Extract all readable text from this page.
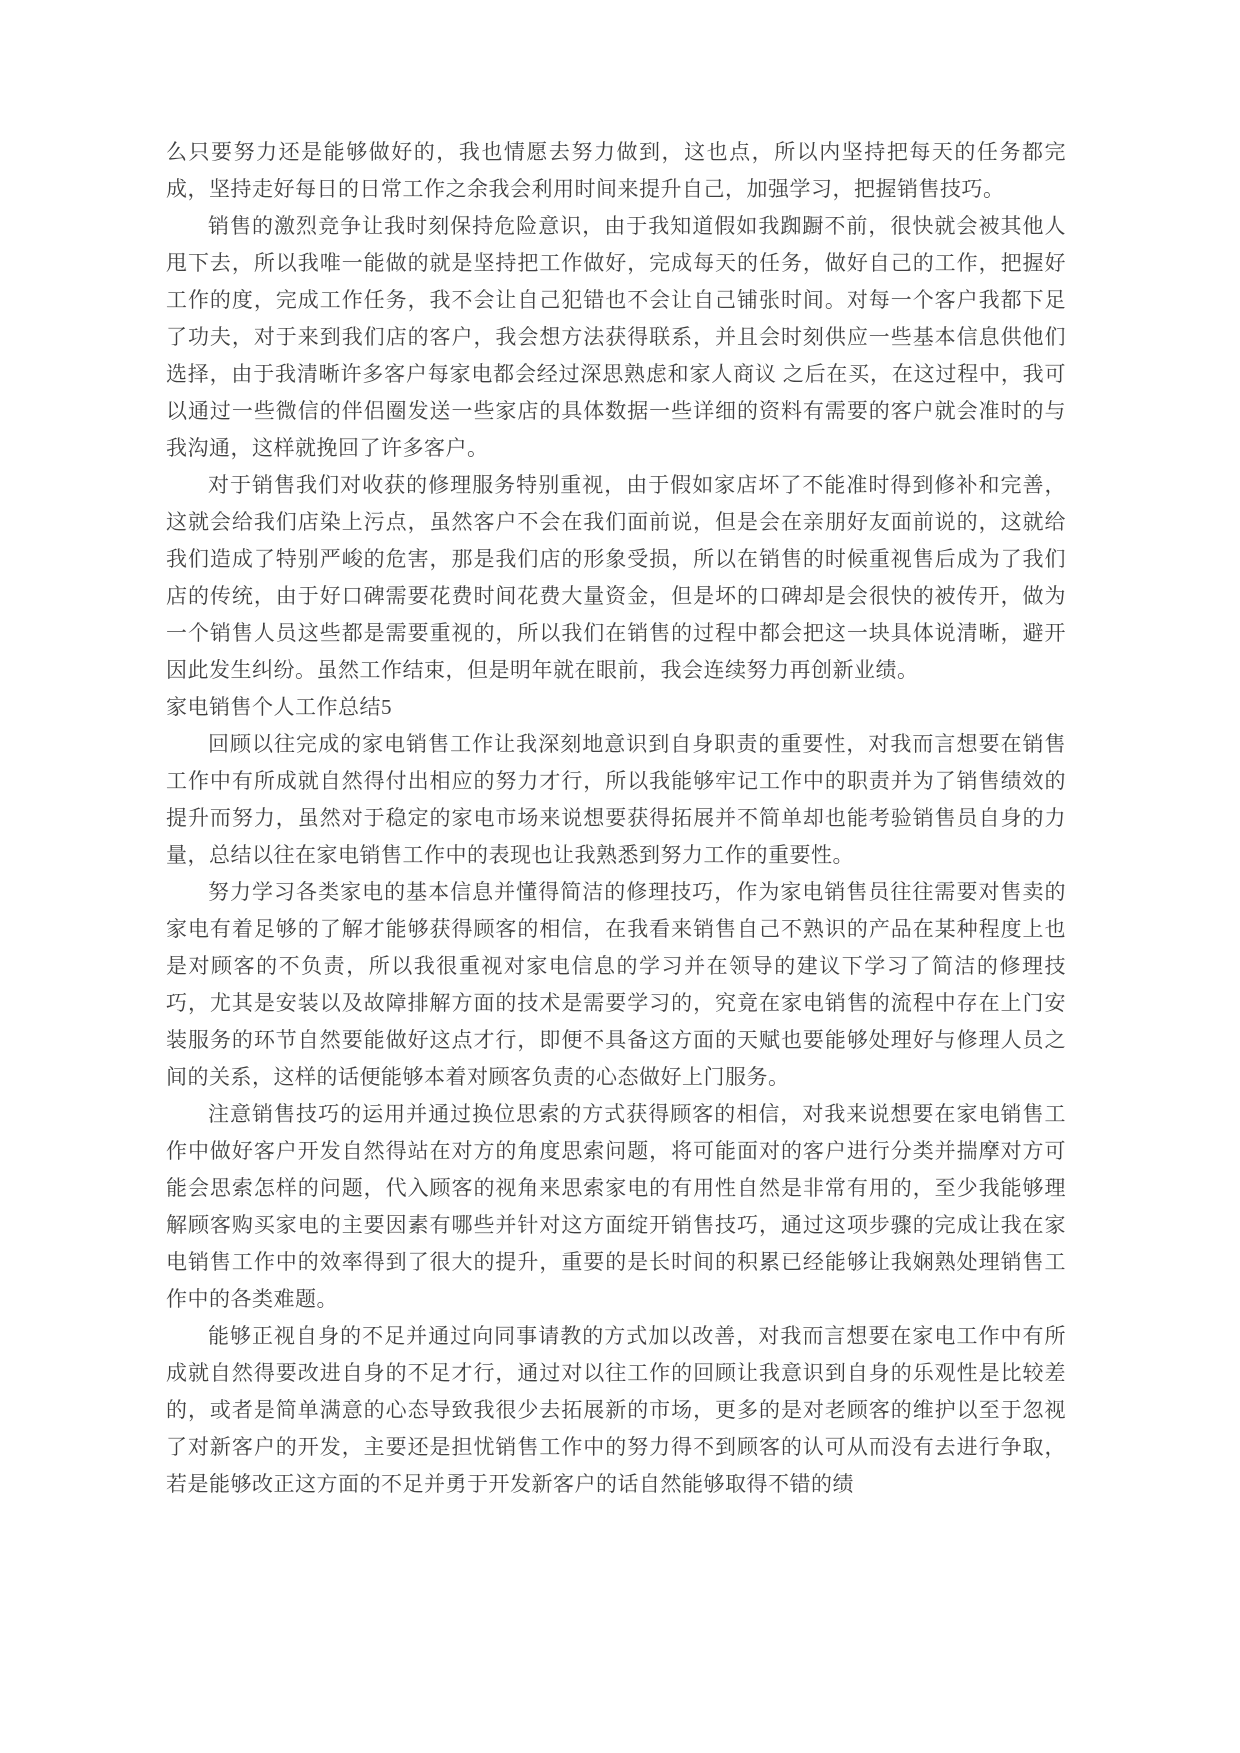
么只要努力还是能够做好的，我也情愿去努力做到，这也点，所以内坚持把每天的任务都完成，坚持走好每日的日常工作之余我会利用时间来提升自己，加强学习，把握销售技巧。

销售的激烈竞争让我时刻保持危险意识，由于我知道假如我踟蹰不前，很快就会被其他人甩下去，所以我唯一能做的就是坚持把工作做好，完成每天的任务，做好自己的工作，把握好工作的度，完成工作任务，我不会让自己犯错也不会让自己铺张时间。对每一个客户我都下足了功夫，对于来到我们店的客户，我会想方法获得联系，并且会时刻供应一些基本信息供他们选择，由于我清晰许多客户每家电都会经过深思熟虑和家人商议 之后在买，在这过程中，我可以通过一些微信的伴侣圈发送一些家店的具体数据一些详细的资料有需要的客户就会准时的与我沟通，这样就挽回了许多客户。

对于销售我们对收获的修理服务特别重视，由于假如家店坏了不能准时得到修补和完善，这就会给我们店染上污点，虽然客户不会在我们面前说，但是会在亲朋好友面前说的，这就给我们造成了特别严峻的危害，那是我们店的形象受损，所以在销售的时候重视售后成为了我们店的传统，由于好口碑需要花费时间花费大量资金，但是坏的口碑却是会很快的被传开，做为一个销售人员这些都是需要重视的，所以我们在销售的过程中都会把这一块具体说清晰，避开因此发生纠纷。虽然工作结束，但是明年就在眼前，我会连续努力再创新业绩。

家电销售个人工作总结5

回顾以往完成的家电销售工作让我深刻地意识到自身职责的重要性，对我而言想要在销售工作中有所成就自然得付出相应的努力才行，所以我能够牢记工作中的职责并为了销售绩效的提升而努力，虽然对于稳定的家电市场来说想要获得拓展并不简单却也能考验销售员自身的力量，总结以往在家电销售工作中的表现也让我熟悉到努力工作的重要性。

努力学习各类家电的基本信息并懂得简洁的修理技巧，作为家电销售员往往需要对售卖的家电有着足够的了解才能够获得顾客的相信，在我看来销售自己不熟识的产品在某种程度上也是对顾客的不负责，所以我很重视对家电信息的学习并在领导的建议下学习了简洁的修理技巧，尤其是安装以及故障排解方面的技术是需要学习的，究竟在家电销售的流程中存在上门安装服务的环节自然要能做好这点才行，即便不具备这方面的天赋也要能够处理好与修理人员之间的关系，这样的话便能够本着对顾客负责的心态做好上门服务。

注意销售技巧的运用并通过换位思索的方式获得顾客的相信，对我来说想要在家电销售工作中做好客户开发自然得站在对方的角度思索问题，将可能面对的客户进行分类并揣摩对方可能会思索怎样的问题，代入顾客的视角来思索家电的有用性自然是非常有用的，至少我能够理解顾客购买家电的主要因素有哪些并针对这方面绽开销售技巧，通过这项步骤的完成让我在家电销售工作中的效率得到了很大的提升，重要的是长时间的积累已经能够让我娴熟处理销售工作中的各类难题。

能够正视自身的不足并通过向同事请教的方式加以改善，对我而言想要在家电工作中有所成就自然得要改进自身的不足才行，通过对以往工作的回顾让我意识到自身的乐观性是比较差的，或者是简单满意的心态导致我很少去拓展新的市场，更多的是对老顾客的维护以至于忽视了对新客户的开发，主要还是担忧销售工作中的努力得不到顾客的认可从而没有去进行争取，若是能够改正这方面的不足并勇于开发新客户的话自然能够取得不错的绩
